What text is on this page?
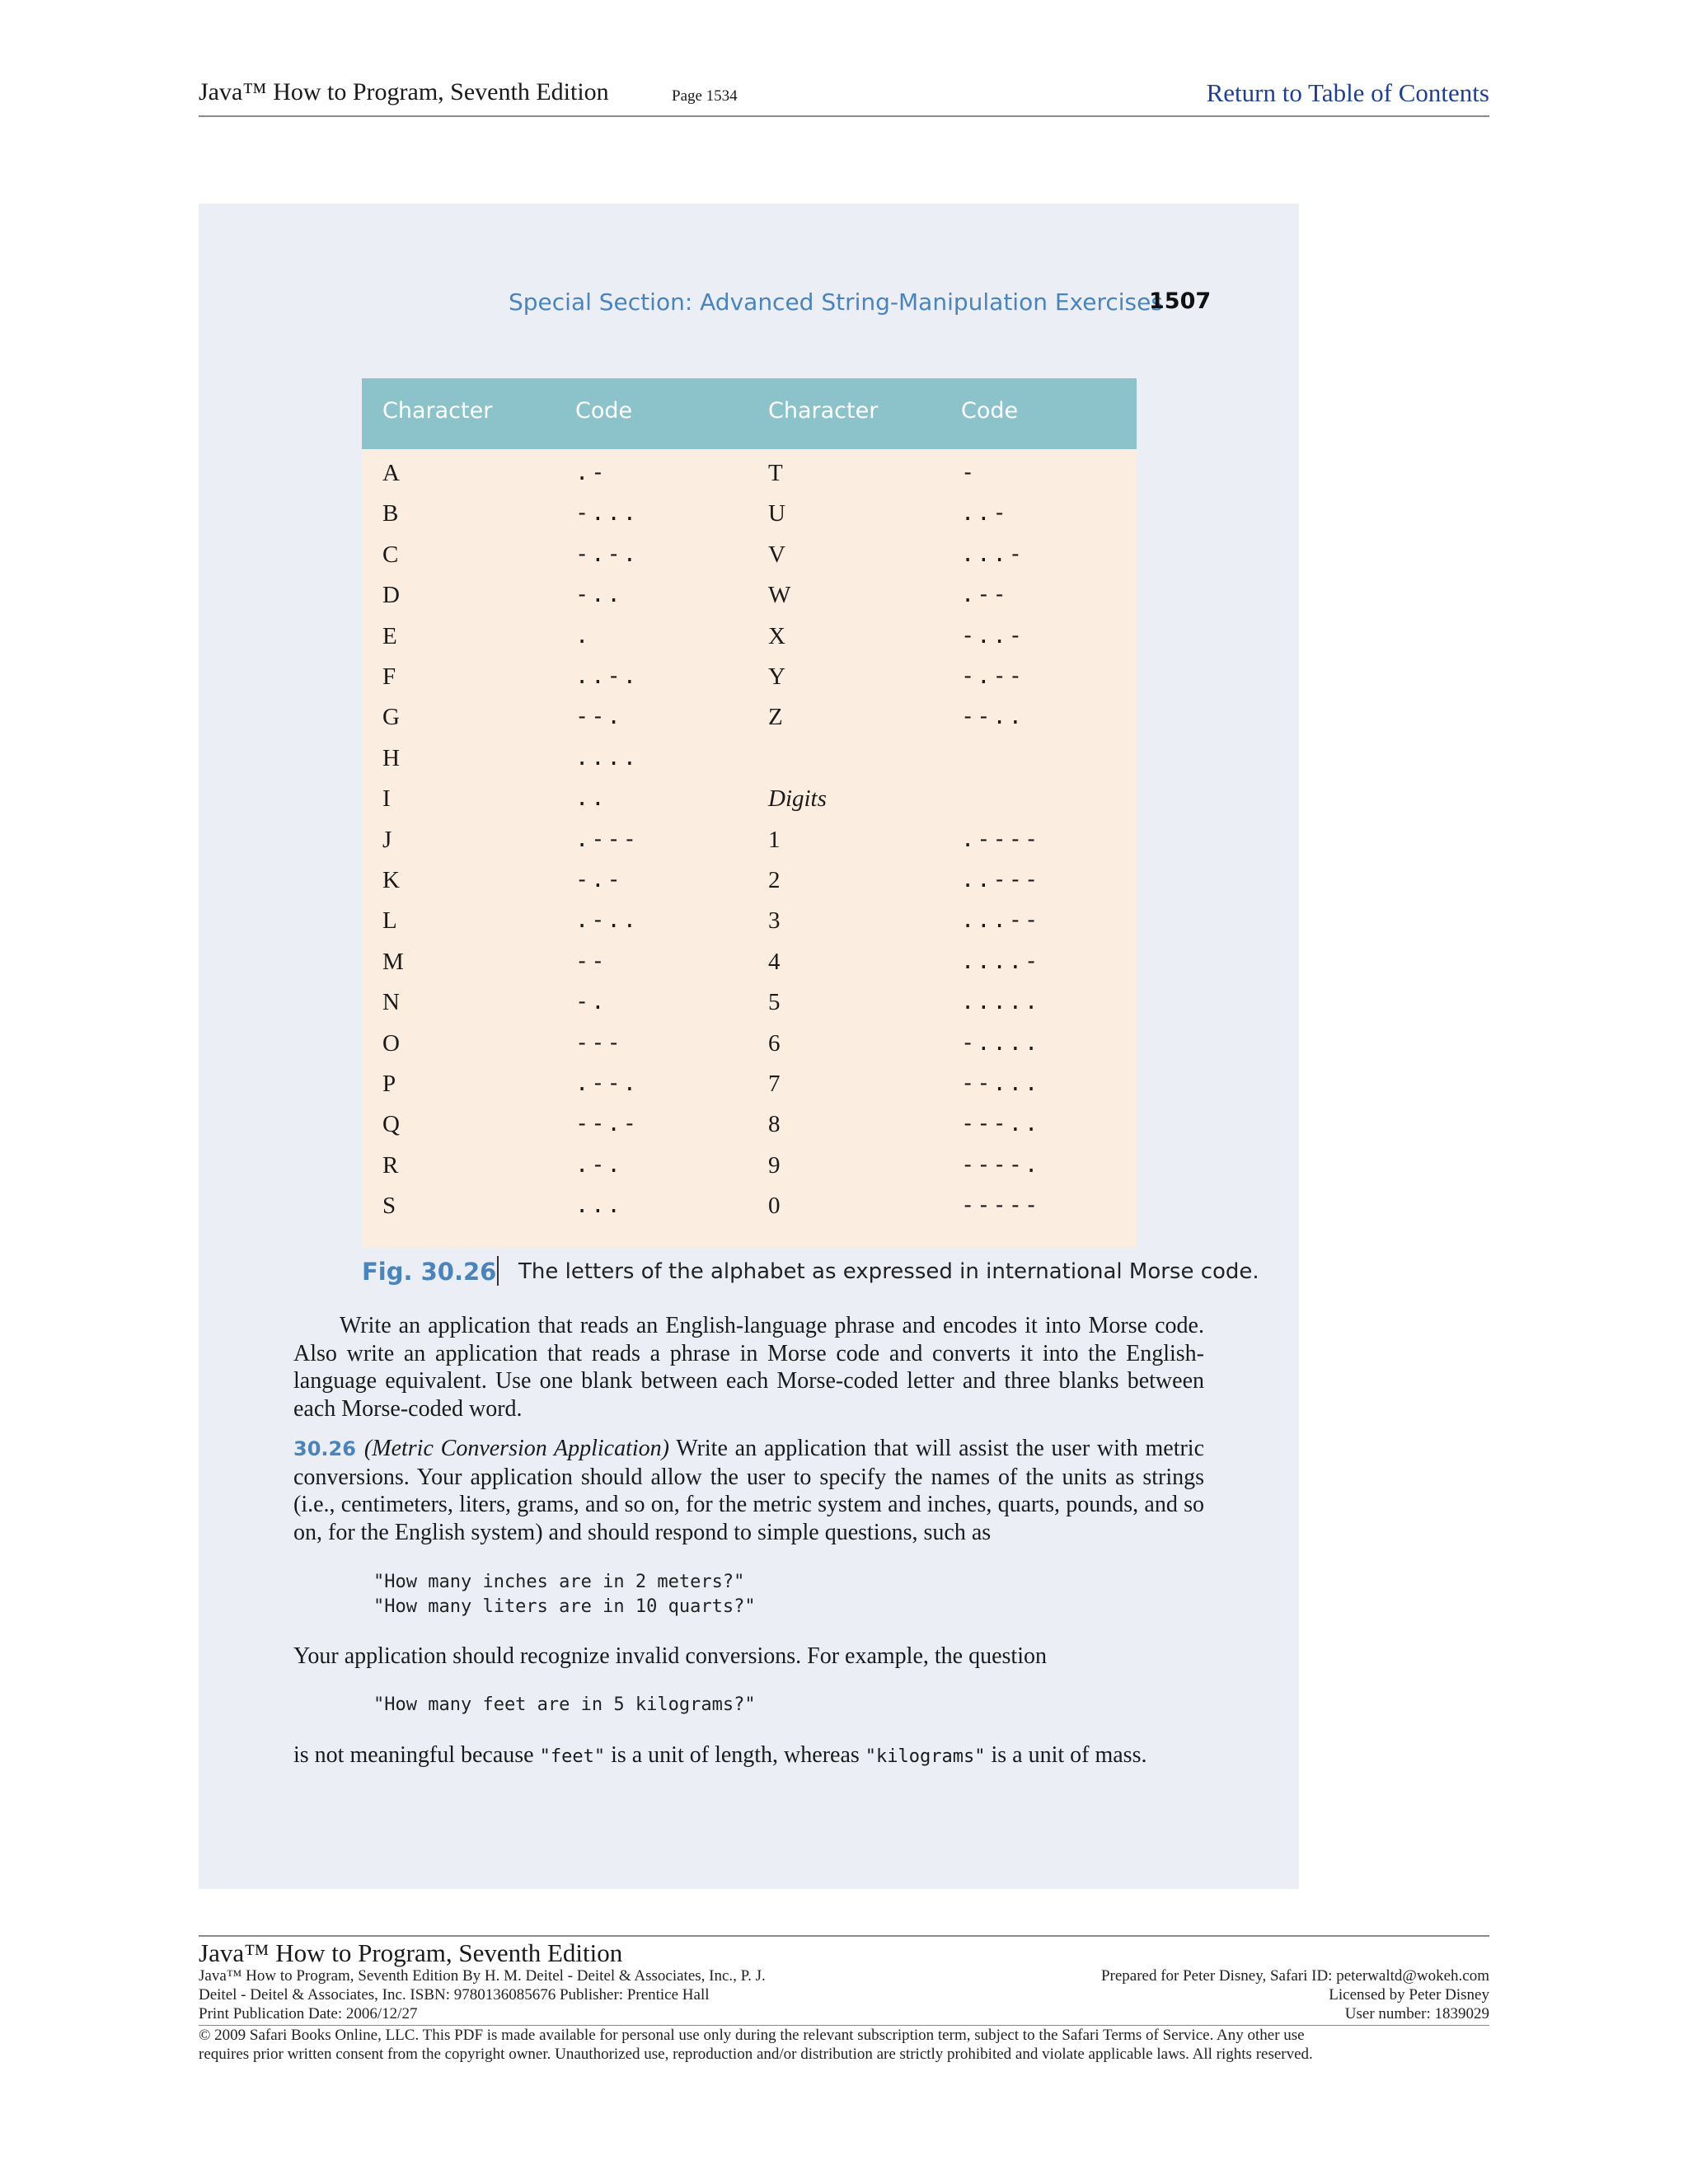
Java™ How to Program, Seventh Edition	Page 1534	Return to Table of Contents
Special Section: Advanced String-Manipulation Exercises
1507
Character	Code	Character	Code
A	.-	T	-
B	-...	U	..-
C	-.-.	V	...-
D	-..	W	.--
E	.	X	-..-
F	..-.	Y	-.--
G	--.	Z	--..
H	....
I	..	Digits
J	.---	1	.----
K	-.-	2	..---
L	.-..	3	...--
M	--	4	....-
N	-.	5	.....
O	---	6	-....
P	.--.	7	--...
Q	--.-	8	---..
R	.-.	9	----.
S	...	0	-----
Fig. 30.26 The letters of the alphabet as expressed in international Morse code.
Write an application that reads an English-language phrase and encodes it into Morse code. Also write an application that reads a phrase in Morse code and converts it into the English-language equivalent. Use one blank between each Morse-coded letter and three blanks between each Morse-coded word.
30.26 (Metric Conversion Application) Write an application that will assist the user with metric conversions. Your application should allow the user to specify the names of the units as strings (i.e., centimeters, liters, grams, and so on, for the metric system and inches, quarts, pounds, and so on, for the English system) and should respond to simple questions, such as
"How many inches are in 2 meters?"
"How many liters are in 10 quarts?"
Your application should recognize invalid conversions. For example, the question
"How many feet are in 5 kilograms?"
is not meaningful because "feet" is a unit of length, whereas "kilograms" is a unit of mass.
Java™ How to Program, Seventh Edition
Java™ How to Program, Seventh Edition By H. M. Deitel - Deitel & Associates, Inc., P. J.
Deitel - Deitel & Associates, Inc. ISBN: 9780136085676 Publisher: Prentice Hall
Print Publication Date: 2006/12/27
Prepared for Peter Disney, Safari ID: peterwaltd@wokeh.com
Licensed by Peter Disney
User number: 1839029
© 2009 Safari Books Online, LLC. This PDF is made available for personal use only during the relevant subscription term, subject to the Safari Terms of Service. Any other use
requires prior written consent from the copyright owner. Unauthorized use, reproduction and/or distribution are strictly prohibited and violate applicable laws. All rights reserved.
